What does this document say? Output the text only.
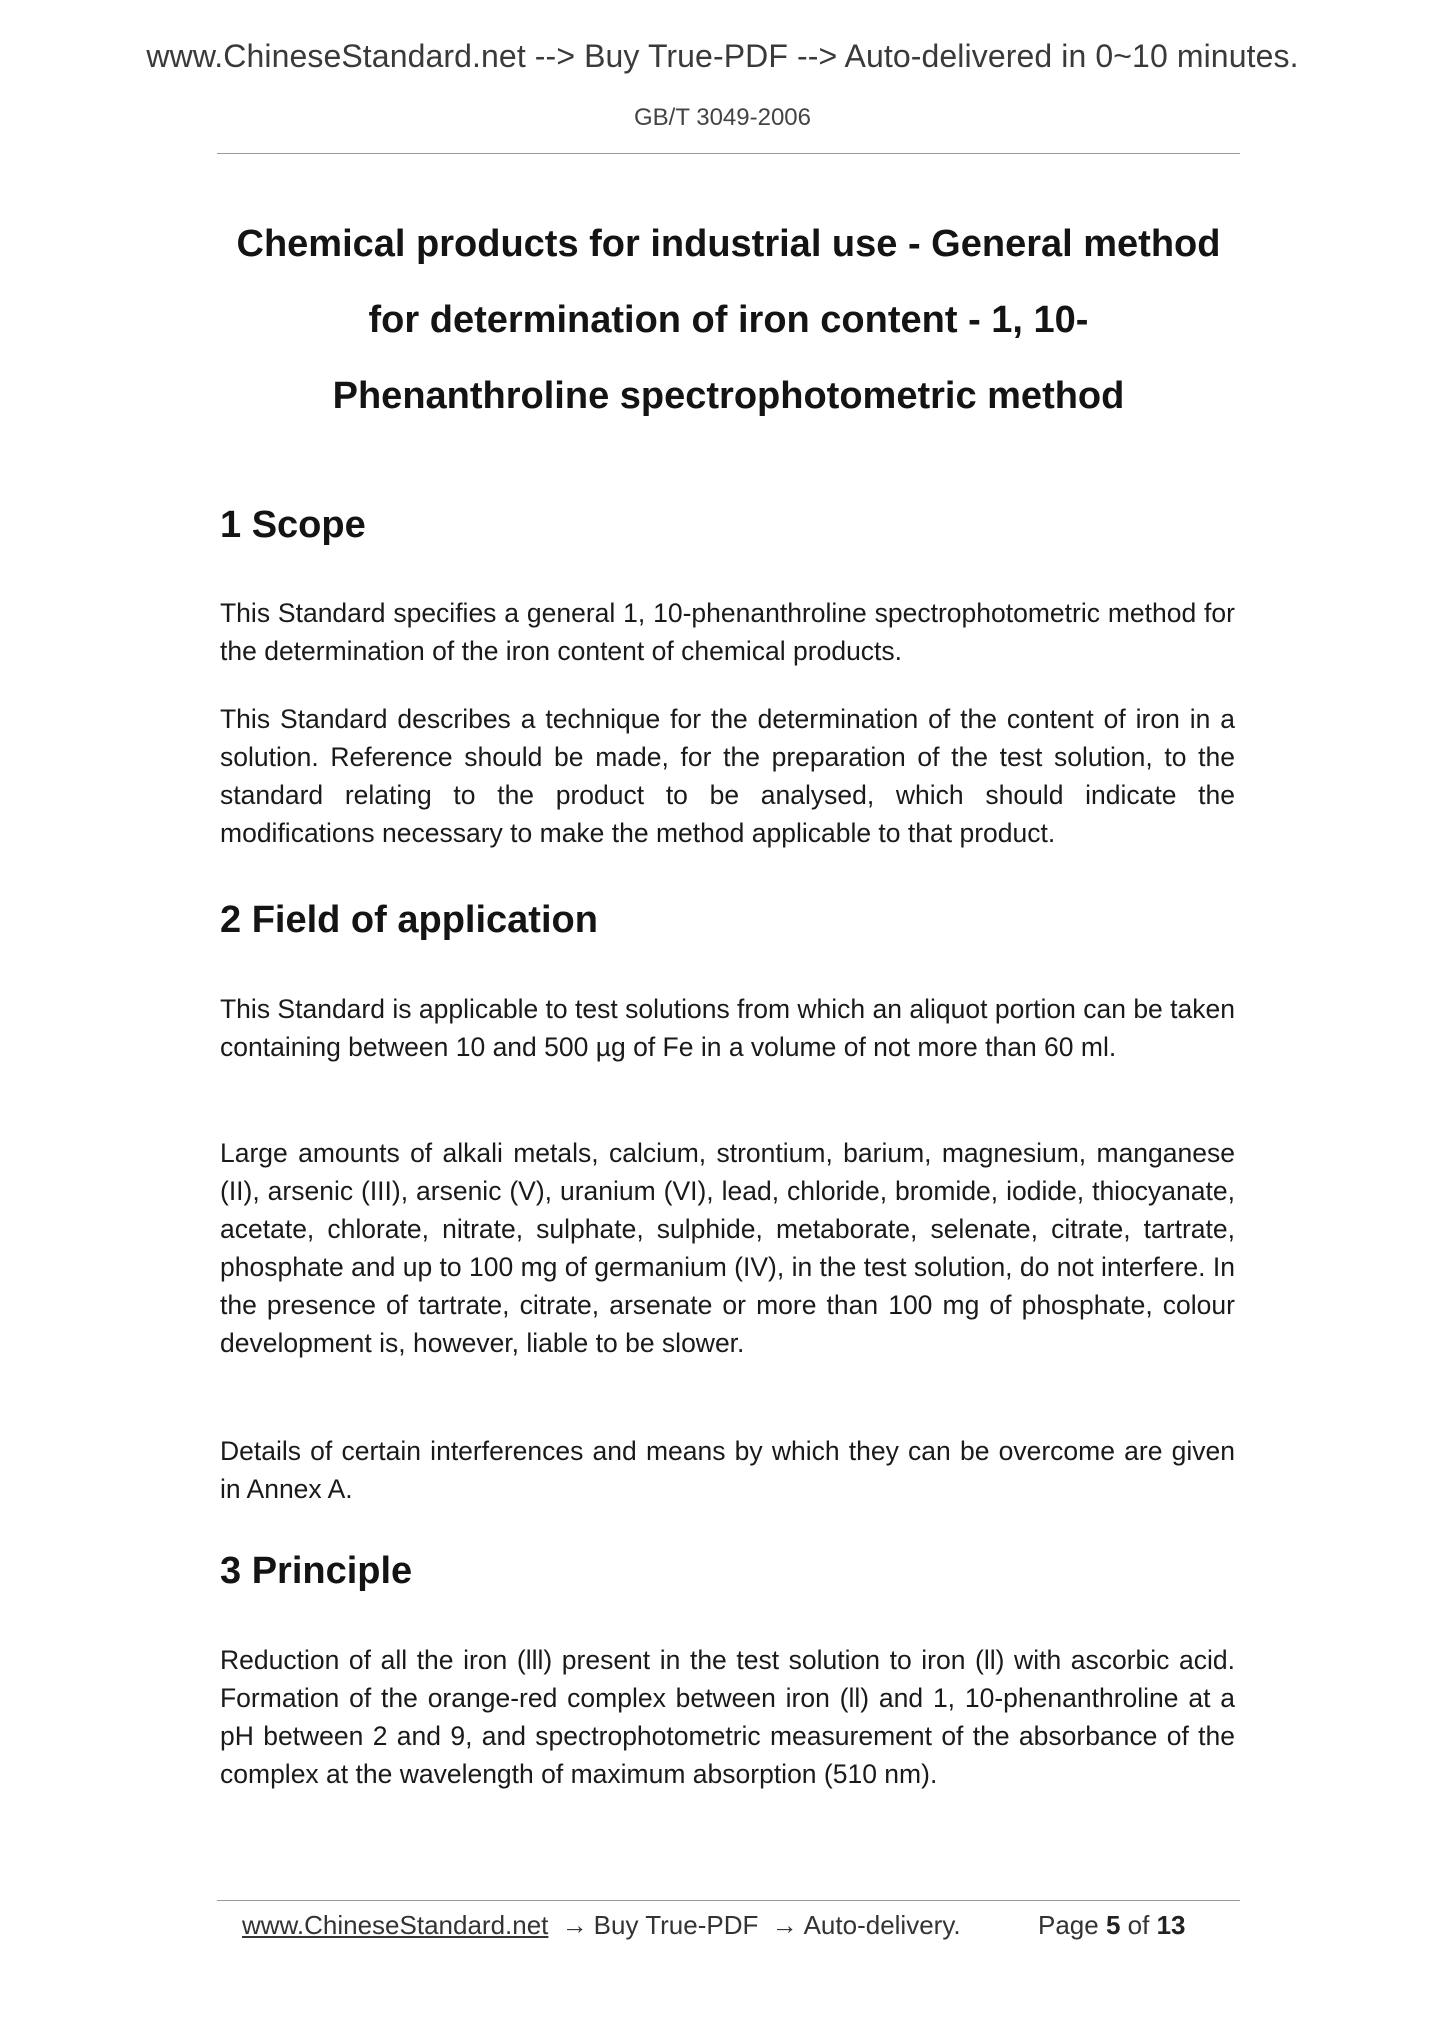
www.ChineseStandard.net --> Buy True-PDF --> Auto-delivered in 0~10 minutes.
GB/T 3049-2006
Chemical products for industrial use - General method
for determination of iron content - 1, 10-
Phenanthroline spectrophotometric method
1 Scope

This Standard specifies a general 1, 10-phenanthroline spectrophotometric method for the determination of the iron content of chemical products.

This Standard describes a technique for the determination of the content of iron in a solution. Reference should be made, for the preparation of the test solution, to the standard relating to the product to be analysed, which should indicate the modifications necessary to make the method applicable to that product.

2 Field of application

This Standard is applicable to test solutions from which an aliquot portion can be taken containing between 10 and 500 µg of Fe in a volume of not more than 60 ml.

Large amounts of alkali metals, calcium, strontium, barium, magnesium, manganese (II), arsenic (III), arsenic (V), uranium (VI), lead, chloride, bromide, iodide, thiocyanate, acetate, chlorate, nitrate, sulphate, sulphide, metaborate, selenate, citrate, tartrate, phosphate and up to 100 mg of germanium (IV), in the test solution, do not interfere. In the presence of tartrate, citrate, arsenate or more than 100 mg of phosphate, colour development is, however, liable to be slower.

Details of certain interferences and means by which they can be overcome are given in Annex A.

3 Principle

Reduction of all the iron (lll) present in the test solution to iron (ll) with ascorbic acid. Formation of the orange-red complex between iron (ll) and 1, 10-phenanthroline at a pH between 2 and 9, and spectrophotometric measurement of the absorbance of the complex at the wavelength of maximum absorption (510 nm).

www.ChineseStandard.net → Buy True-PDF → Auto-delivery.	Page 5 of 13
